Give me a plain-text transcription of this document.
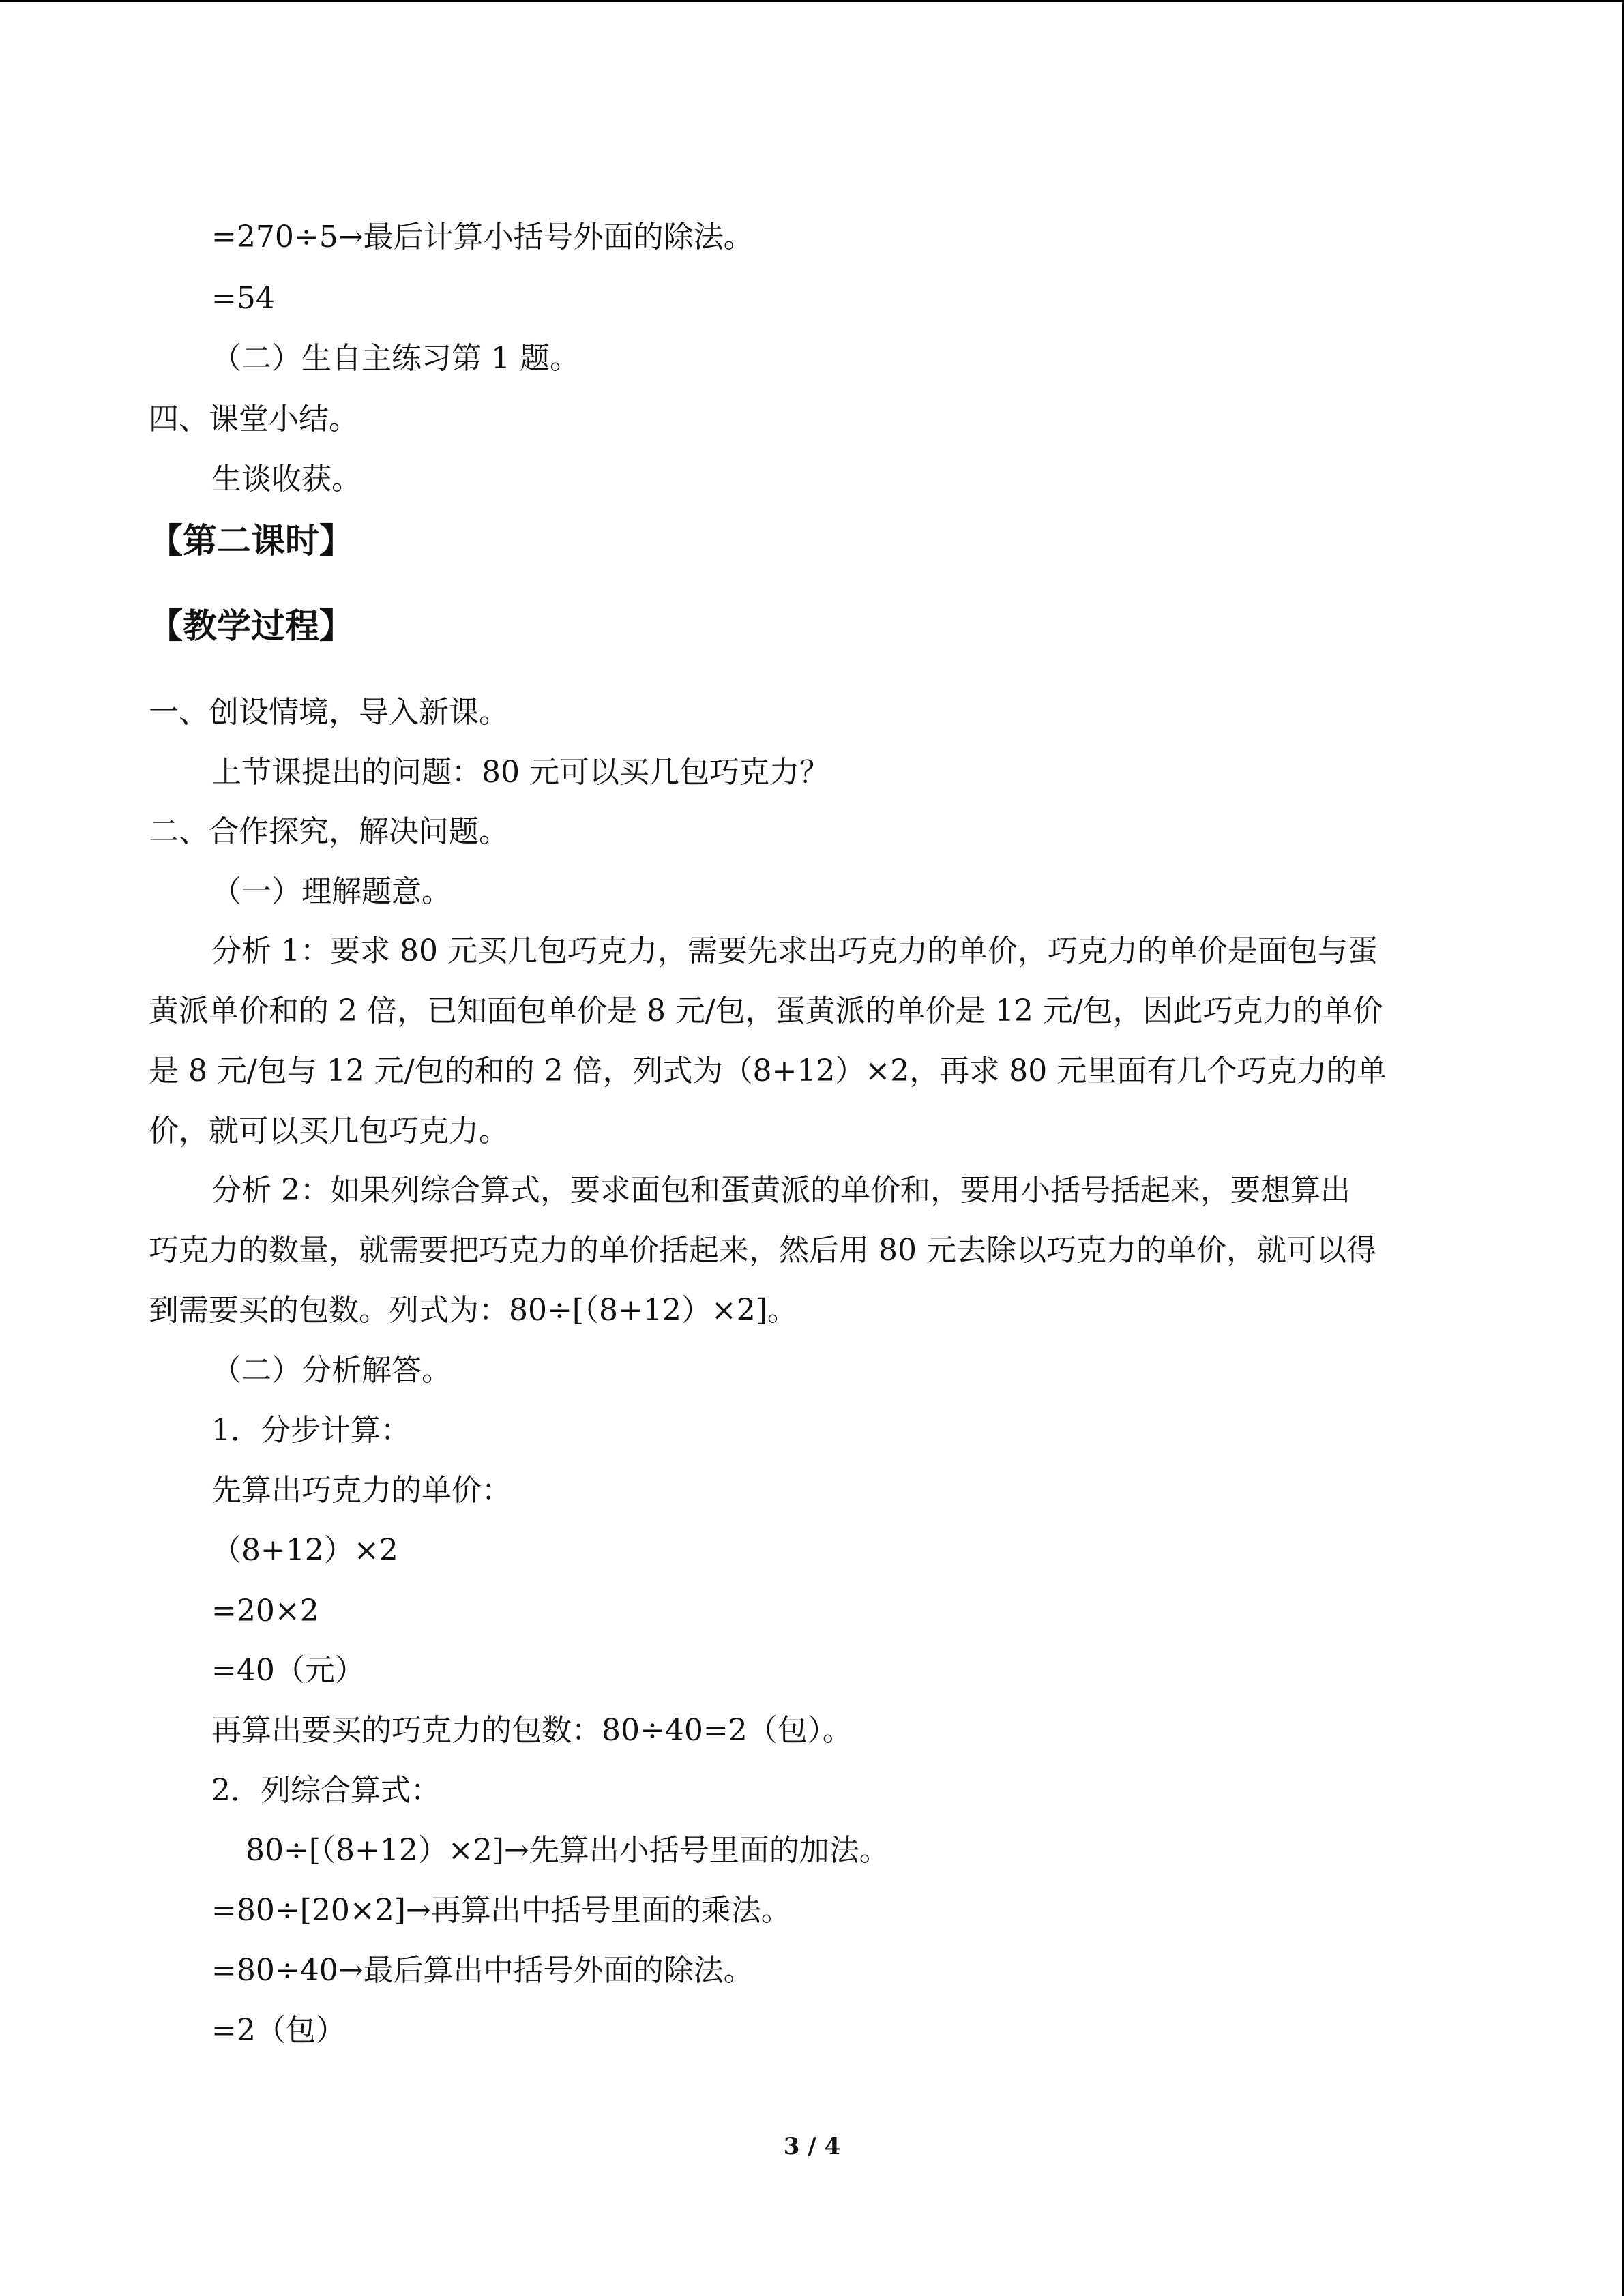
=270÷5→最后计算小括号外面的除法。
=54
（二）生自主练习第 1 题。
四、课堂小结。
生谈收获。
【第二课时】
【教学过程】
一、创设情境，导入新课。
上节课提出的问题：80 元可以买几包巧克力？
二、合作探究，解决问题。
（一）理解题意。
分析 1：要求 80 元买几包巧克力，需要先求出巧克力的单价，巧克力的单价是面包与蛋
黄派单价和的 2 倍，已知面包单价是 8 元/包，蛋黄派的单价是 12 元/包，因此巧克力的单价
是 8 元/包与 12 元/包的和的 2 倍，列式为（8+12）×2，再求 80 元里面有几个巧克力的单
价，就可以买几包巧克力。
分析 2：如果列综合算式，要求面包和蛋黄派的单价和，要用小括号括起来，要想算出
巧克力的数量，就需要把巧克力的单价括起来，然后用 80 元去除以巧克力的单价，就可以得
到需要买的包数。列式为：80÷[（8+12）×2]。
（二）分析解答。
1．分步计算：
先算出巧克力的单价：
（8+12）×2
=20×2
=40（元）
再算出要买的巧克力的包数：80÷40=2（包）。
2．列综合算式：
80÷[（8+12）×2]→先算出小括号里面的加法。
=80÷[20×2]→再算出中括号里面的乘法。
=80÷40→最后算出中括号外面的除法。
=2（包）
3 / 4
